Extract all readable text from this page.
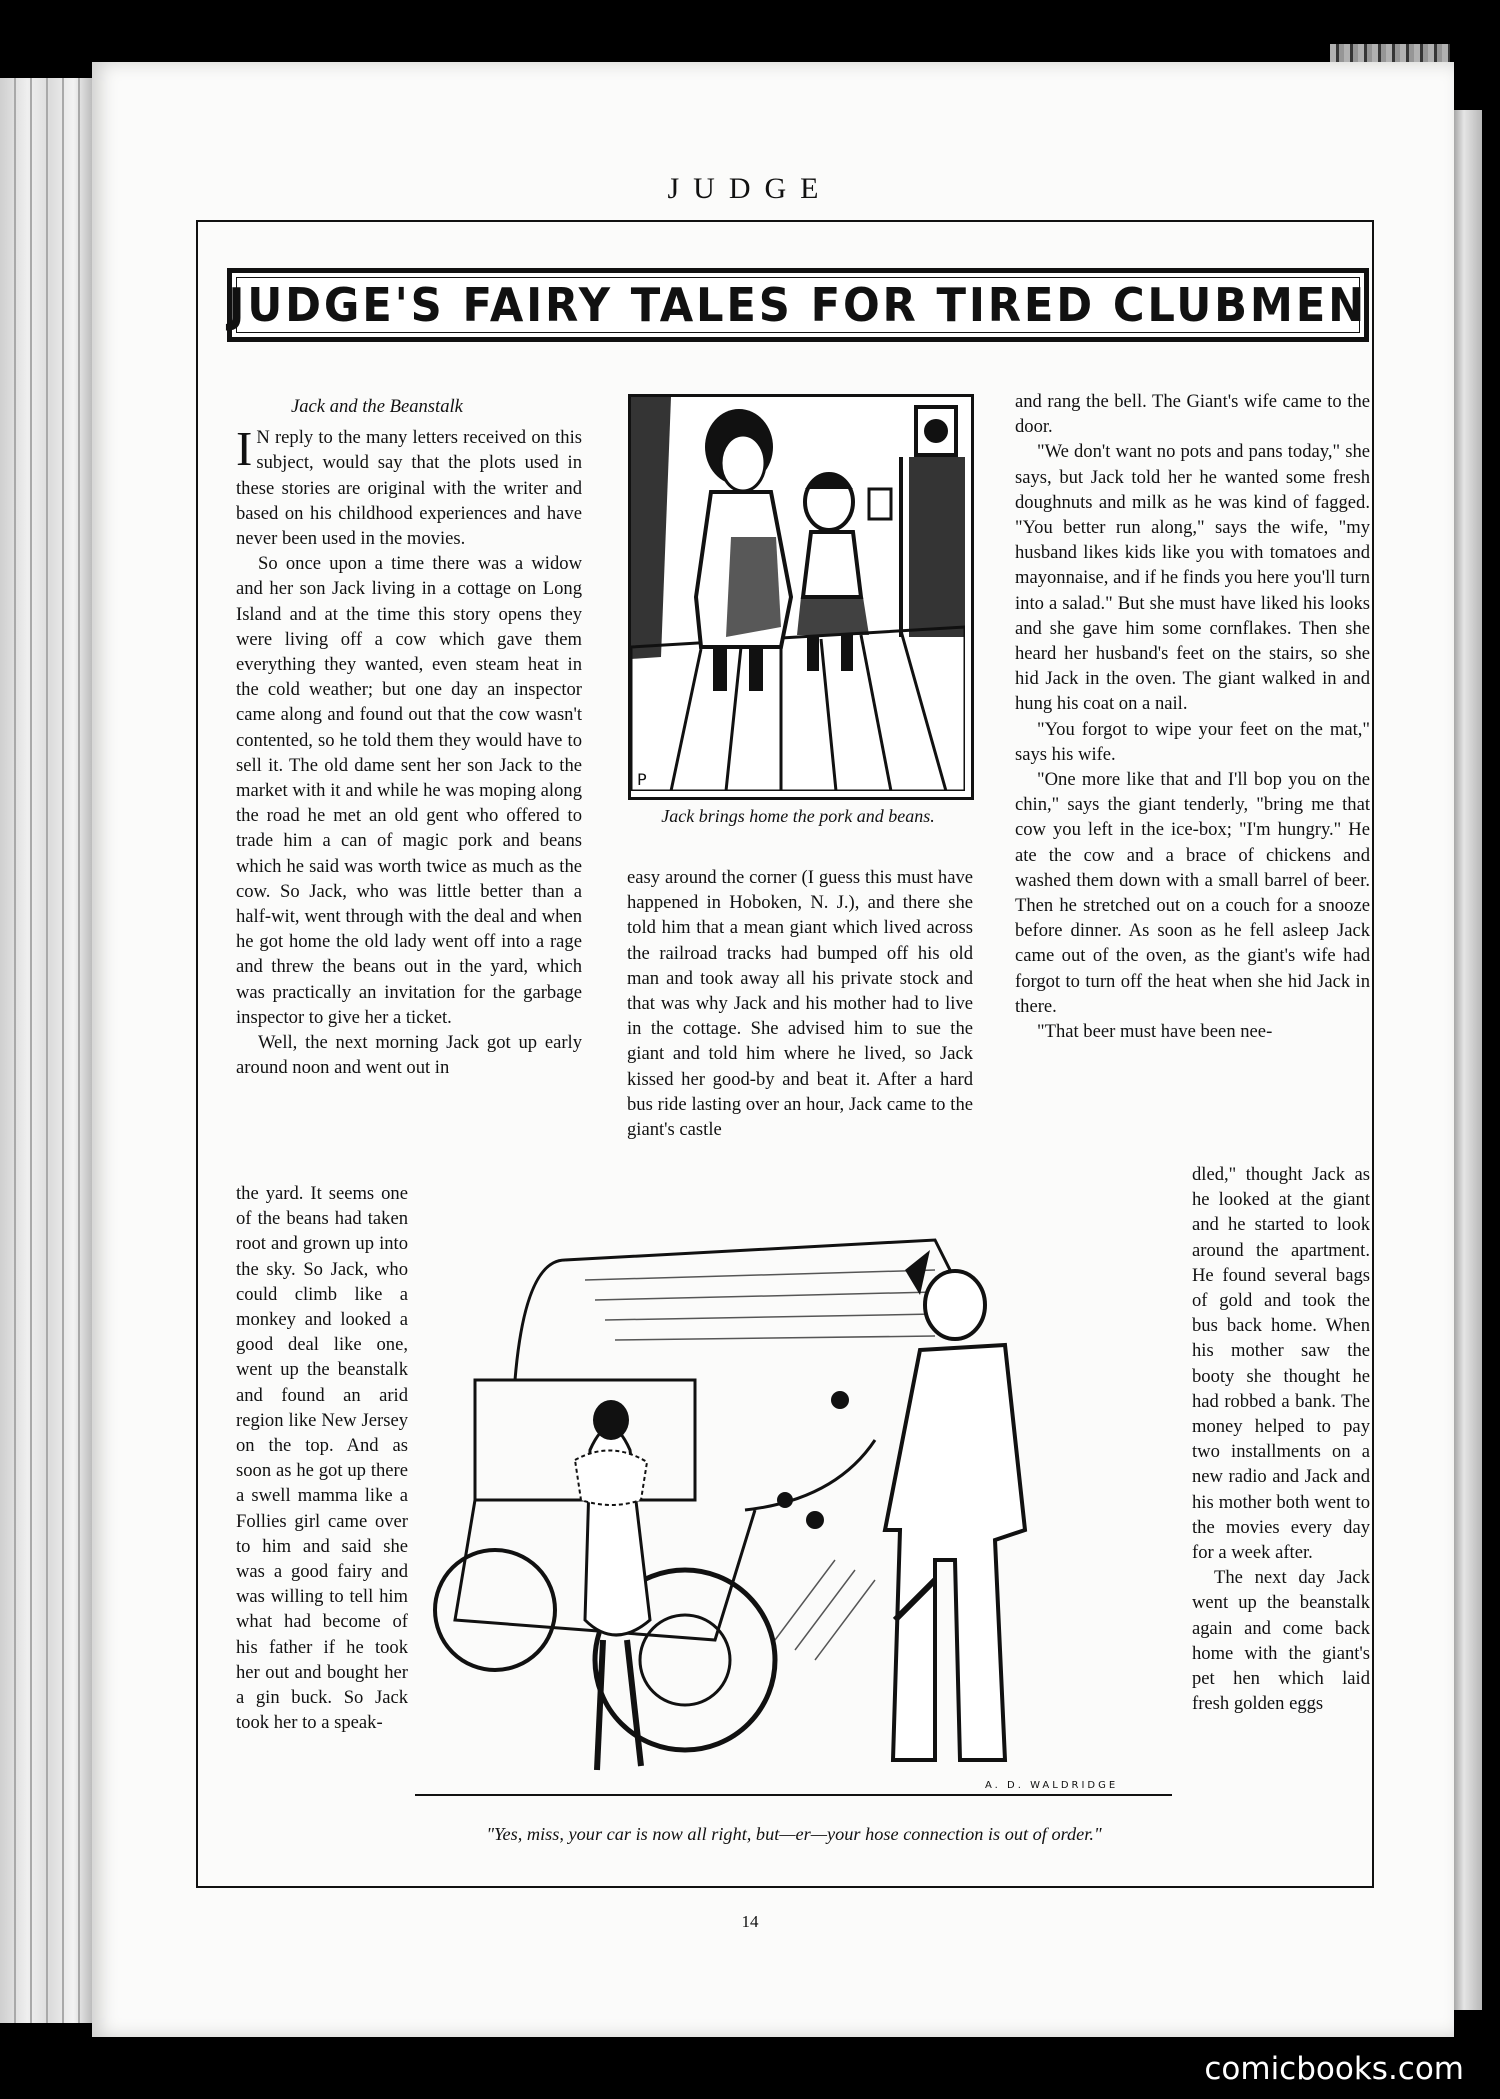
JUDGE
JUDGE'S FAIRY TALES FOR TIRED CLUBMEN

Jack and the Beanstalk

I N reply to the many letters received on this subject, would say that the plots used in these stories are original with the writer and based on his childhood experiences and have never been used in the movies.

So once upon a time there was a widow and her son Jack living in a cottage on Long Island and at the time this story opens they were living off a cow which gave them everything they wanted, even steam heat in the cold weather; but one day an inspector came along and found out that the cow wasn't contented, so he told them they would have to sell it. The old dame sent her son Jack to the market with it and while he was moping along the road he met an old gent who offered to trade him a can of magic pork and beans which he said was worth twice as much as the cow. So Jack, who was little better than a half-wit, went through with the deal and when he got home the old lady went off into a rage and threw the beans out in the yard, which was practically an invitation for the garbage inspector to give her a ticket.

Well, the next morning Jack got up early around noon and went out in

the yard. It seems one of the beans had taken root and grown up into the sky. So Jack, who could climb like a monkey and looked a good deal like one, went up the beanstalk and found an arid region like New Jersey on the top. And as soon as he got up there a swell mamma like a Follies girl came over to him and said she was a good fairy and was willing to tell him what had become of his father if he took her out and bought her a gin buck. So Jack took her to a speak-

P
Jack brings home the pork and beans.

easy around the corner (I guess this must have happened in Hoboken, N. J.), and there she told him that a mean giant which lived across the railroad tracks had bumped off his old man and took away all his private stock and that was why Jack and his mother had to live in the cottage. She advised him to sue the giant and told him where he lived, so Jack kissed her good-by and beat it. After a hard bus ride lasting over an hour, Jack came to the giant's castle

and rang the bell. The Giant's wife came to the door.

"We don't want no pots and pans today," she says, but Jack told her he wanted some fresh doughnuts and milk as he was kind of fagged. "You better run along," says the wife, "my husband likes kids like you with tomatoes and mayonnaise, and if he finds you here you'll turn into a salad." But she must have liked his looks and she gave him some cornflakes. Then she heard her husband's feet on the stairs, so she hid Jack in the oven. The giant walked in and hung his coat on a nail.

"You forgot to wipe your feet on the mat," says his wife.

"One more like that and I'll bop you on the chin," says the giant tenderly, "bring me that cow you left in the ice-box; "I'm hungry." He ate the cow and a brace of chickens and washed them down with a small barrel of beer. Then he stretched out on a couch for a snooze before dinner. As soon as he fell asleep Jack came out of the oven, as the giant's wife had forgot to turn off the heat when she hid Jack in there.

"That beer must have been nee-

dled," thought Jack as he looked at the giant and he started to look around the apartment. He found several bags of gold and took the bus back home. When his mother saw the booty she thought he had robbed a bank. The money helped to pay two installments on a new radio and Jack and his mother both went to the movies every day for a week after.

The next day Jack went up the beanstalk again and come back home with the giant's pet hen which laid fresh golden eggs

A. D. WALDRIDGE
"Yes, miss, your car is now all right, but—er—your hose connection is out of order."
14
comicbooks.com
